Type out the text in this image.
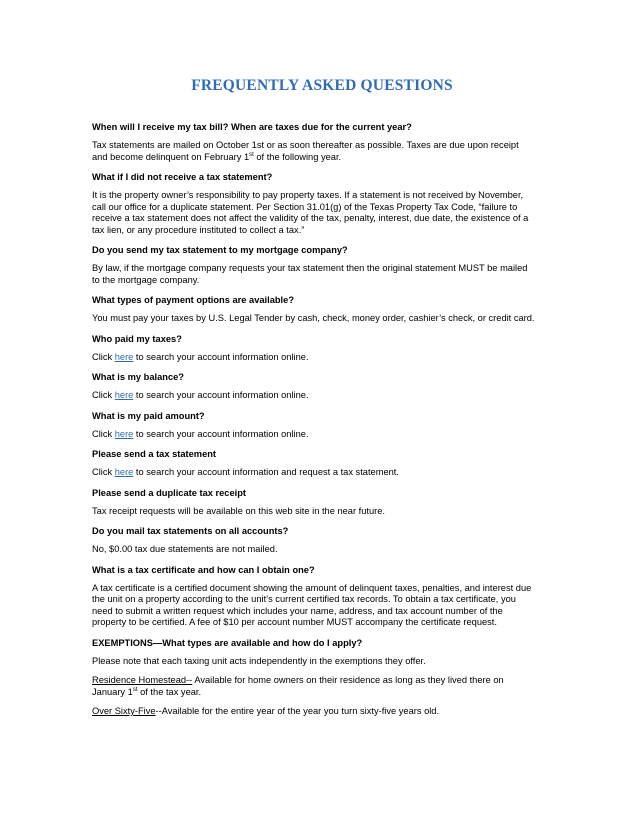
FREQUENTLY ASKED QUESTIONS

When will I receive my tax bill? When are taxes due for the current year?

Tax statements are mailed on October 1st or as soon thereafter as possible. Taxes are due upon receipt
and become delinquent on February 1st of the following year.

What if I did not receive a tax statement?

It is the property owner’s responsibility to pay property taxes. If a statement is not received by November,
call our office for a duplicate statement. Per Section 31.01(g) of the Texas Property Tax Code, “failure to
receive a tax statement does not affect the validity of the tax, penalty, interest, due date, the existence of a
tax lien, or any procedure instituted to collect a tax.”

Do you send my tax statement to my mortgage company?

By law, if the mortgage company requests your tax statement then the original statement MUST be mailed
to the mortgage company.

What types of payment options are available?

You must pay your taxes by U.S. Legal Tender by cash, check, money order, cashier’s check, or credit card.

Who paid my taxes?

Click here to search your account information online.

What is my balance?

Click here to search your account information online.

What is my paid amount?

Click here to search your account information online.

Please send a tax statement

Click here to search your account information and request a tax statement.

Please send a duplicate tax receipt

Tax receipt requests will be available on this web site in the near future.

Do you mail tax statements on all accounts?

No, $0.00 tax due statements are not mailed.

What is a tax certificate and how can I obtain one?

A tax certificate is a certified document showing the amount of delinquent taxes, penalties, and interest due
the unit on a property according to the unit’s current certified tax records. To obtain a tax certificate, you
need to submit a written request which includes your name, address, and tax account number of the
property to be certified. A fee of $10 per account number MUST accompany the certificate request.

EXEMPTIONS—What types are available and how do I apply?

Please note that each taxing unit acts independently in the exemptions they offer.

Residence Homestead-- Available for home owners on their residence as long as they lived there on
January 1st of the tax year.

Over Sixty-Five--Available for the entire year of the year you turn sixty-five years old.
